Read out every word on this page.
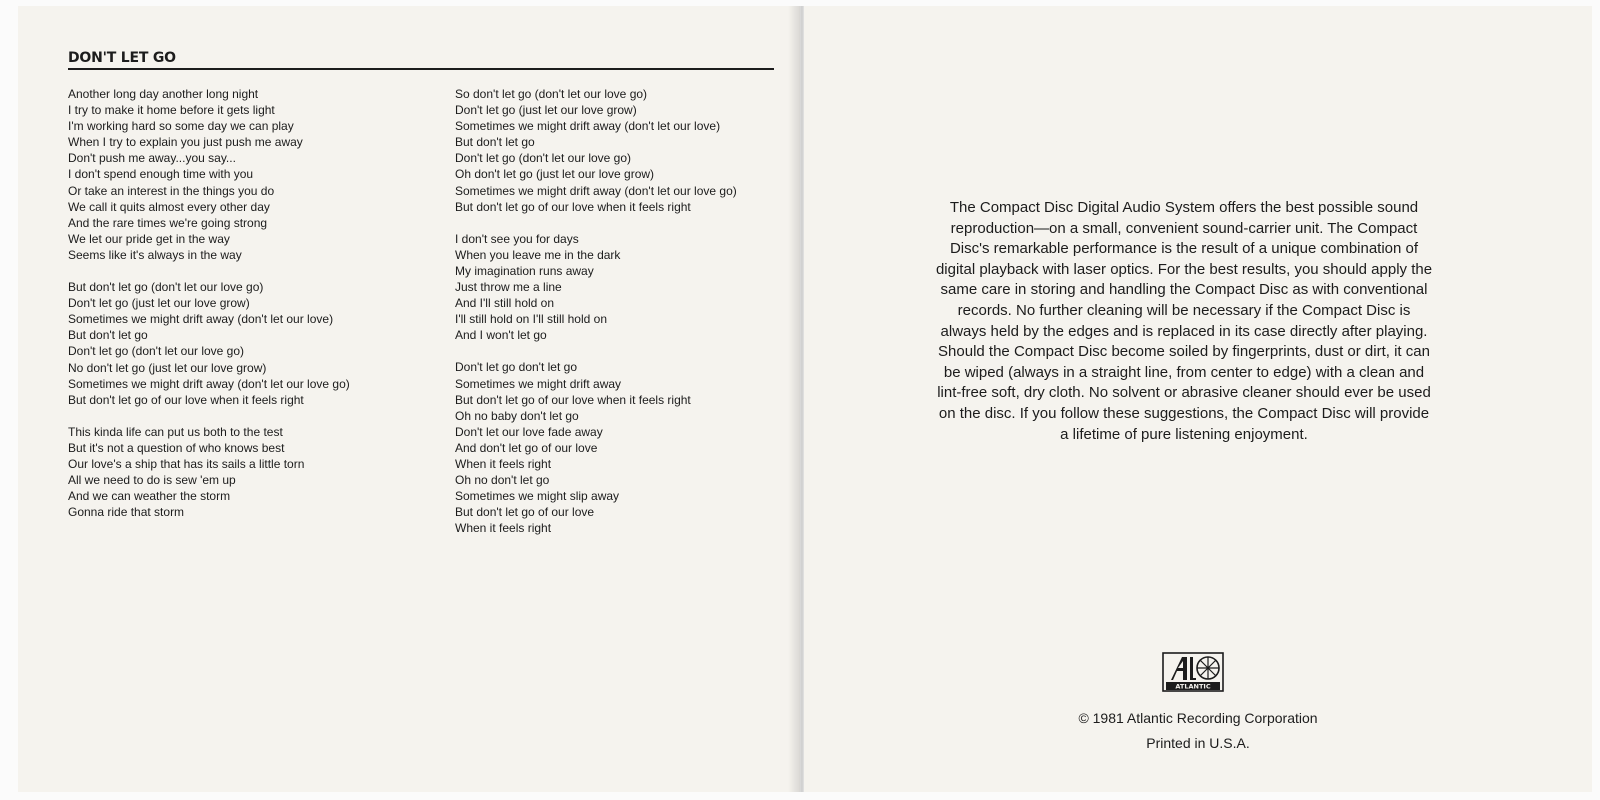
DON'T LET GO
Another long day another long night
I try to make it home before it gets light
I'm working hard so some day we can play
When I try to explain you just push me away
Don't push me away...you say...
I don't spend enough time with you
Or take an interest in the things you do
We call it quits almost every other day
And the rare times we're going strong
We let our pride get in the way
Seems like it's always in the way
But don't let go (don't let our love go)
Don't let go (just let our love grow)
Sometimes we might drift away (don't let our love)
But don't let go
Don't let go (don't let our love go)
No don't let go (just let our love grow)
Sometimes we might drift away (don't let our love go)
But don't let go of our love when it feels right
This kinda life can put us both to the test
But it's not a question of who knows best
Our love's a ship that has its sails a little torn
All we need to do is sew 'em up
And we can weather the storm
Gonna ride that storm
So don't let go (don't let our love go)
Don't let go (just let our love grow)
Sometimes we might drift away (don't let our love)
But don't let go
Don't let go (don't let our love go)
Oh don't let go (just let our love grow)
Sometimes we might drift away (don't let our love go)
But don't let go of our love when it feels right
I don't see you for days
When you leave me in the dark
My imagination runs away
Just throw me a line
And I'll still hold on
I'll still hold on I'll still hold on
And I won't let go
Don't let go don't let go
Sometimes we might drift away
But don't let go of our love when it feels right
Oh no baby don't let go
Don't let our love fade away
And don't let go of our love
When it feels right
Oh no don't let go
Sometimes we might slip away
But don't let go of our love
When it feels right

The Compact Disc Digital Audio System offers the best possible sound reproduction—on a small, convenient sound-carrier unit. The Compact Disc's remarkable performance is the result of a unique combination of digital playback with laser optics. For the best results, you should apply the same care in storing and handling the Compact Disc as with conventional records. No further cleaning will be necessary if the Compact Disc is always held by the edges and is replaced in its case directly after playing. Should the Compact Disc become soiled by fingerprints, dust or dirt, it can be wiped (always in a straight line, from center to edge) with a clean and lint-free soft, dry cloth. No solvent or abrasive cleaner should ever be used on the disc. If you follow these suggestions, the Compact Disc will provide a lifetime of pure listening enjoyment.

ATLANTIC
© 1981 Atlantic Recording Corporation
Printed in U.S.A.
